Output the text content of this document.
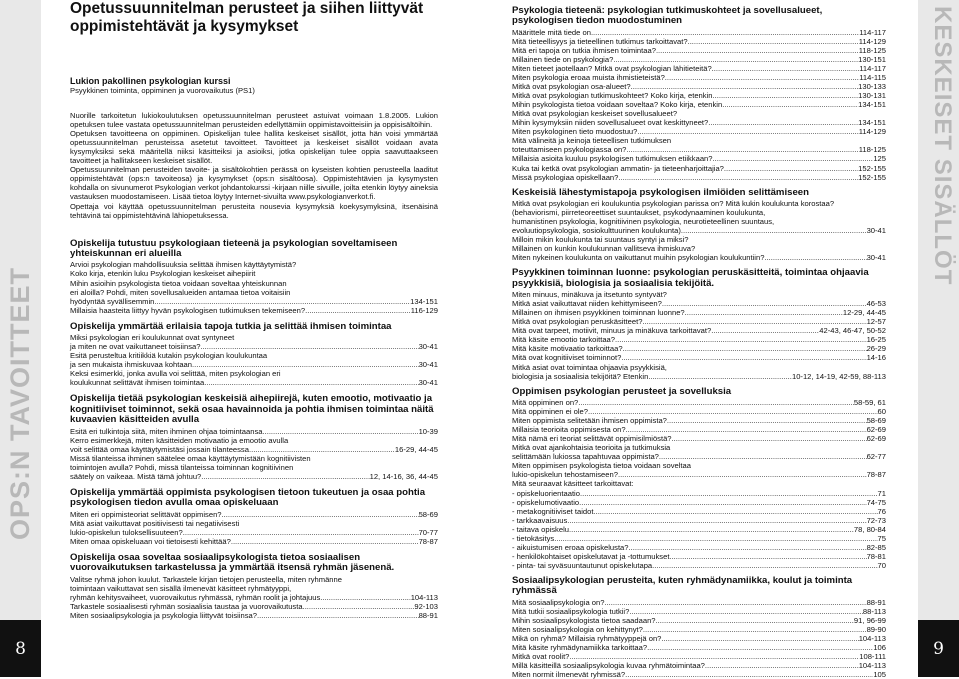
OPS:N TAVOITTEET
8
KESKEISET SISÄLLÖT
9
Opetussuunnitelman perusteet ja siihen liittyvät oppimistehtävät ja kysymykset
Lukion pakollinen psykologian kurssi
Psyykkinen toiminta, oppiminen ja vuorovaikutus (PS1)

Nuorille tarkoitetun lukiokoulutuksen opetussuunnitelman perusteet astuivat voimaan 1.8.2005. Lukion opetuksen tulee vastata opetussuunnitelman perusteiden edellyttämiin oppimistavoitteisiin ja oppisisältöihin.

Opetuksen tavoitteena on oppiminen. Opiskelijan tulee hallita keskeiset sisällöt, jotta hän voisi ymmärtää opetussuunnitelman perusteissa asetetut tavoitteet. Tavoitteet ja keskeiset sisällöt voidaan avata kysymyksiksi sekä määritellä niiksi käsitteiksi ja asioiksi, jotka opiskelijan tulee oppia saavuttaakseen tavoitteet ja hallitakseen keskeiset sisällöt.

Opetussuunnitelman perusteiden tavoite- ja sisältökohtien perässä on kyseisten kohtien perusteella laaditut oppimistehtävät (ops:n tavoiteosa) ja kysymykset (ops:n sisältöosa). Oppimistehtävien ja kysymysten kohdalla on sivunumerot Psykologian verkot johdantokurssi -kirjaan niille sivuille, joilta etenkin löytyy aineksia vastauksen muodostamiseen. Lisää tietoa löytyy Internet-sivuilta www.psykologianverkot.fi.

Opettaja voi käyttää opetussuunnitelman perusteita nousevia kysymyksiä koekysymyksinä, itsenäisinä tehtävinä tai oppimistehtävinä lähiopetuksessa.

Opiskelija tutustuu psykologiaan tieteenä ja psykologian soveltamiseen yhteiskunnan eri alueilla
Arvioi psykologian mahdollisuuksia selittää ihmisen käyttäytymistä?
Koko kirja, etenkin luku Psykologian keskeiset aihepiirit
Mihin asioihin psykologista tietoa voidaan soveltaa yhteiskunnan
eri aloilla? Pohdi, miten sovellusalueiden antamaa tietoa voitaisiin
hyödyntää syvällisemmin .....	134-151
Millaisia haasteita liittyy hyvän psykologisen tutkimuksen tekemiseen? .....	116-129
Opiskelija ymmärtää erilaisia tapoja tutkia ja selittää ihmisen toimintaa
Miksi psykologian eri koulukunnat ovat syntyneet
ja miten ne ovat vaikuttaneet toisiinsa? .....	30-41
Esitä perusteltua kritiikkiä kutakin psykologian koulukuntaa
ja sen mukaista ihmiskuvaa kohtaan .....	30-41
Keksi esimerkki, jonka avulla voi selittää, miten psykologian eri
koulukunnat selittävät ihmisen toimintaa .....	30-41
Opiskelija tietää psykologian keskeisiä aihepiirejä, kuten emootio, motivaatio ja kognitiiviset toiminnot, sekä osaa havainnoida ja pohtia ihmisen toimintaa näitä kuvaavien käsitteiden avulla
Esitä eri tulkintoja siitä, miten ihminen ohjaa toimintaansa .....	10-39
Kerro esimerkkejä, miten käsitteiden motivaatio ja emootio avulla
voit selittää omaa käyttäytymistäsi jossain tilanteessa .....	16-29, 44-45
Missä tilanteissa ihminen säätelee omaa käyttäytymistään kognitiivisten
toimintojen avulla? Pohdi, missä tilanteissa toiminnan kognitiivinen
säätely on vaikeaa. Mistä tämä johtuu? .....	12, 14-16, 36, 44-45
Opiskelija ymmärtää oppimista psykologisen tietoon tukeutuen ja osaa pohtia psykologisen tiedon avulla omaa opiskeluaan
Miten eri oppimisteoriat selittävät oppimisen? .....	58-69
Mitä asiat vaikuttavat positiivisesti tai negatiivisesti
lukio-opiskelun tuloksellisuuteen? .....	70-77
Miten omaa opiskeluaan voi tietoisesti kehittää? .....	78-87
Opiskelija osaa soveltaa sosiaalipsykologista tietoa sosiaalisen vuorovaikutuksen tarkastelussa ja ymmärtää itsensä ryhmän jäsenenä.
Valitse ryhmä johon kuulut. Tarkastele kirjan tietojen perusteella, miten ryhmänne
toimintaan vaikuttavat sen sisällä ilmenevät käsitteet ryhmätyyppi,
ryhmän kehitysvaiheet, vuorovaikutus ryhmässä, ryhmän roolit ja johtajuus .....	104-113
Tarkastele sosiaalisesti ryhmän sosiaalisia taustaa ja vuorovaikutusta .....	92-103
Miten sosiaalipsykologia ja psykologia liittyvät toisiinsa? .....	88-91
Psykologia tieteenä: psykologian tutkimuskohteet ja sovellusalueet, psykologisen tiedon muodostuminen
Määrittele mitä tiede on .....	114-117
Mitä tieteellisyys ja tieteellinen tutkimus tarkoittavat? .....	114-129
Mitä eri tapoja on tutkia ihmisen toimintaa? .....	118-125
Millainen tiede on psykologia? .....	130-151
Miten tieteet jaotellaan? Mitkä ovat psykologian lähitieteitä? .....	114-117
Miten psykologia eroaa muista ihmistieteistä? .....	114-115
Mitkä ovat psykologian osa-alueet? .....	130-133
Mitkä ovat psykologian tutkimuskohteet? Koko kirja, etenkin .....	130-131
Mihin psykologista tietoa voidaan soveltaa? Koko kirja, etenkin .....	134-151
Mitkä ovat psykologian keskeiset sovellusalueet?
Mihin kysymyksiin niiden sovellusalueet ovat keskittyneet? .....	134-151
Miten psykologinen tieto muodostuu? .....	114-129
Mitä välineitä ja keinoja tieteellisen tutkimuksen
toteuttamiseen psykologiassa on? .....	118-125
Millaisia asioita kuuluu psykologisen tutkimuksen etiikkaan? .....	125
Kuka tai ketkä ovat psykologian ammatin- ja tieteenharjoittajia? .....	152-155
Missä psykologiaa opiskellaan? .....	152-155
Keskeisiä lähestymistapoja psykologisen ilmiöiden selittämiseen
Mitkä ovat psykologian eri koulukuntia psykologian parissa on? Mitä kukin koulukunta korostaa?
(behaviorismi, piirreteoreettiset suuntaukset, psykodynaaminen koulukunta,
humanistinen psykologia, kognitiivinen psykologia, neurotieteellinen suuntaus,
evoluutiopsykologia, sosiokulttuurinen koulukunta) .....	30-41
Milloin mikin koulukunta tai suuntaus syntyi ja miksi?
Millainen on kunkin koulukunnan vallitseva ihmiskuva?
Miten nykeinen koulukunta on vaikuttanut muihin psykologian koulukuntiin? .....	30-41
Psyykkinen toiminnan luonne: psykologian peruskäsitteitä, toimintaa ohjaavia psyykkisiä, biologisia ja sosiaalisia tekijöitä.
Miten minuus, minäkuva ja itsetunto syntyvät?
Mitkä asiat vaikuttavat niiden kehittymiseen? .....	46-53
Millainen on ihmisen psyykkinen toiminnan luonne? .....	12-29, 44-45
Mitkä ovat psykologian peruskäsitteet? .....	12-57
Mitä ovat tarpeet, motiivit, minuus ja minäkuva tarkoittavat? .....	42-43, 46-47, 50-52
Mitä käsite emootio tarkoittaa? .....	16-25
Mitä käsite motivaatio tarkoittaa? .....	26-29
Mitä ovat kognitiiviset toiminnot? .....	14-16
Mitkä asiat ovat toimintaa ohjaavia psyykkisiä,
biologisia ja sosiaalisia tekijöitä? Etenkin .....	10-12, 14-19, 42-59, 88-113
Oppimisen psykologian perusteet ja sovelluksia
Mitä oppiminen on? .....	58-59, 61
Mitä oppiminen ei ole? .....	60
Miten oppimista selitetään ihmisen oppimista? .....	58-69
Millaisia teorioita oppimisesta on? .....	62-69
Mitä nämä eri teoriat selittävät oppimisilmiöstä? .....	62-69
Mitkä ovat ajankohtaisia teorioita ja tutkimuksia
selittämään lukiossa tapahtuvaa oppimista? .....	62-77
Miten oppimisen psykologista tietoa voidaan soveltaa
lukio-opiskelun tehostamiseen? .....	78-87
Mitä seuraavat käsitteet tarkoittavat:
- opiskeluorientaatio .....	71
- opiskelumotivaatio .....	74-75
- metakognitiiviset taidot .....	76
- tarkkaavaisuus .....	72-73
- taitava opiskelu .....	78, 80-84
- tietokäsitys .....	75
- aikuistumisen eroaa opiskelusta? .....	82-85
- henkilökohtaiset opiskelutavat ja -tottumukset .....	78-81
- pinta- tai syväsuuntautunut opiskelutapa .....	70
Sosiaalipsykologian perusteita, kuten ryhmädynamiikka, koulut ja toiminta ryhmässä
Mitä sosiaalipsykologia on? .....	88-91
Mitä tutkii sosiaalipsykologia tutkii? .....	88-113
Mihin sosiaalipsykologista tietoa saadaan? .....	91, 96-99
Miten sosiaalipsykologia on kehittynyt? .....	89-90
Mikä on ryhmä? Millaisia ryhmätyyppejä on? .....	104-113
Mitä käsite ryhmädynamiikka tarkoittaa? .....	106
Mitkä ovat roolit? .....	108-111
Millä käsitteillä sosiaalipsykologia kuvaa ryhmätoimintaa? .....	104-113
Miten normit ilmenevät ryhmissä? .....	105
